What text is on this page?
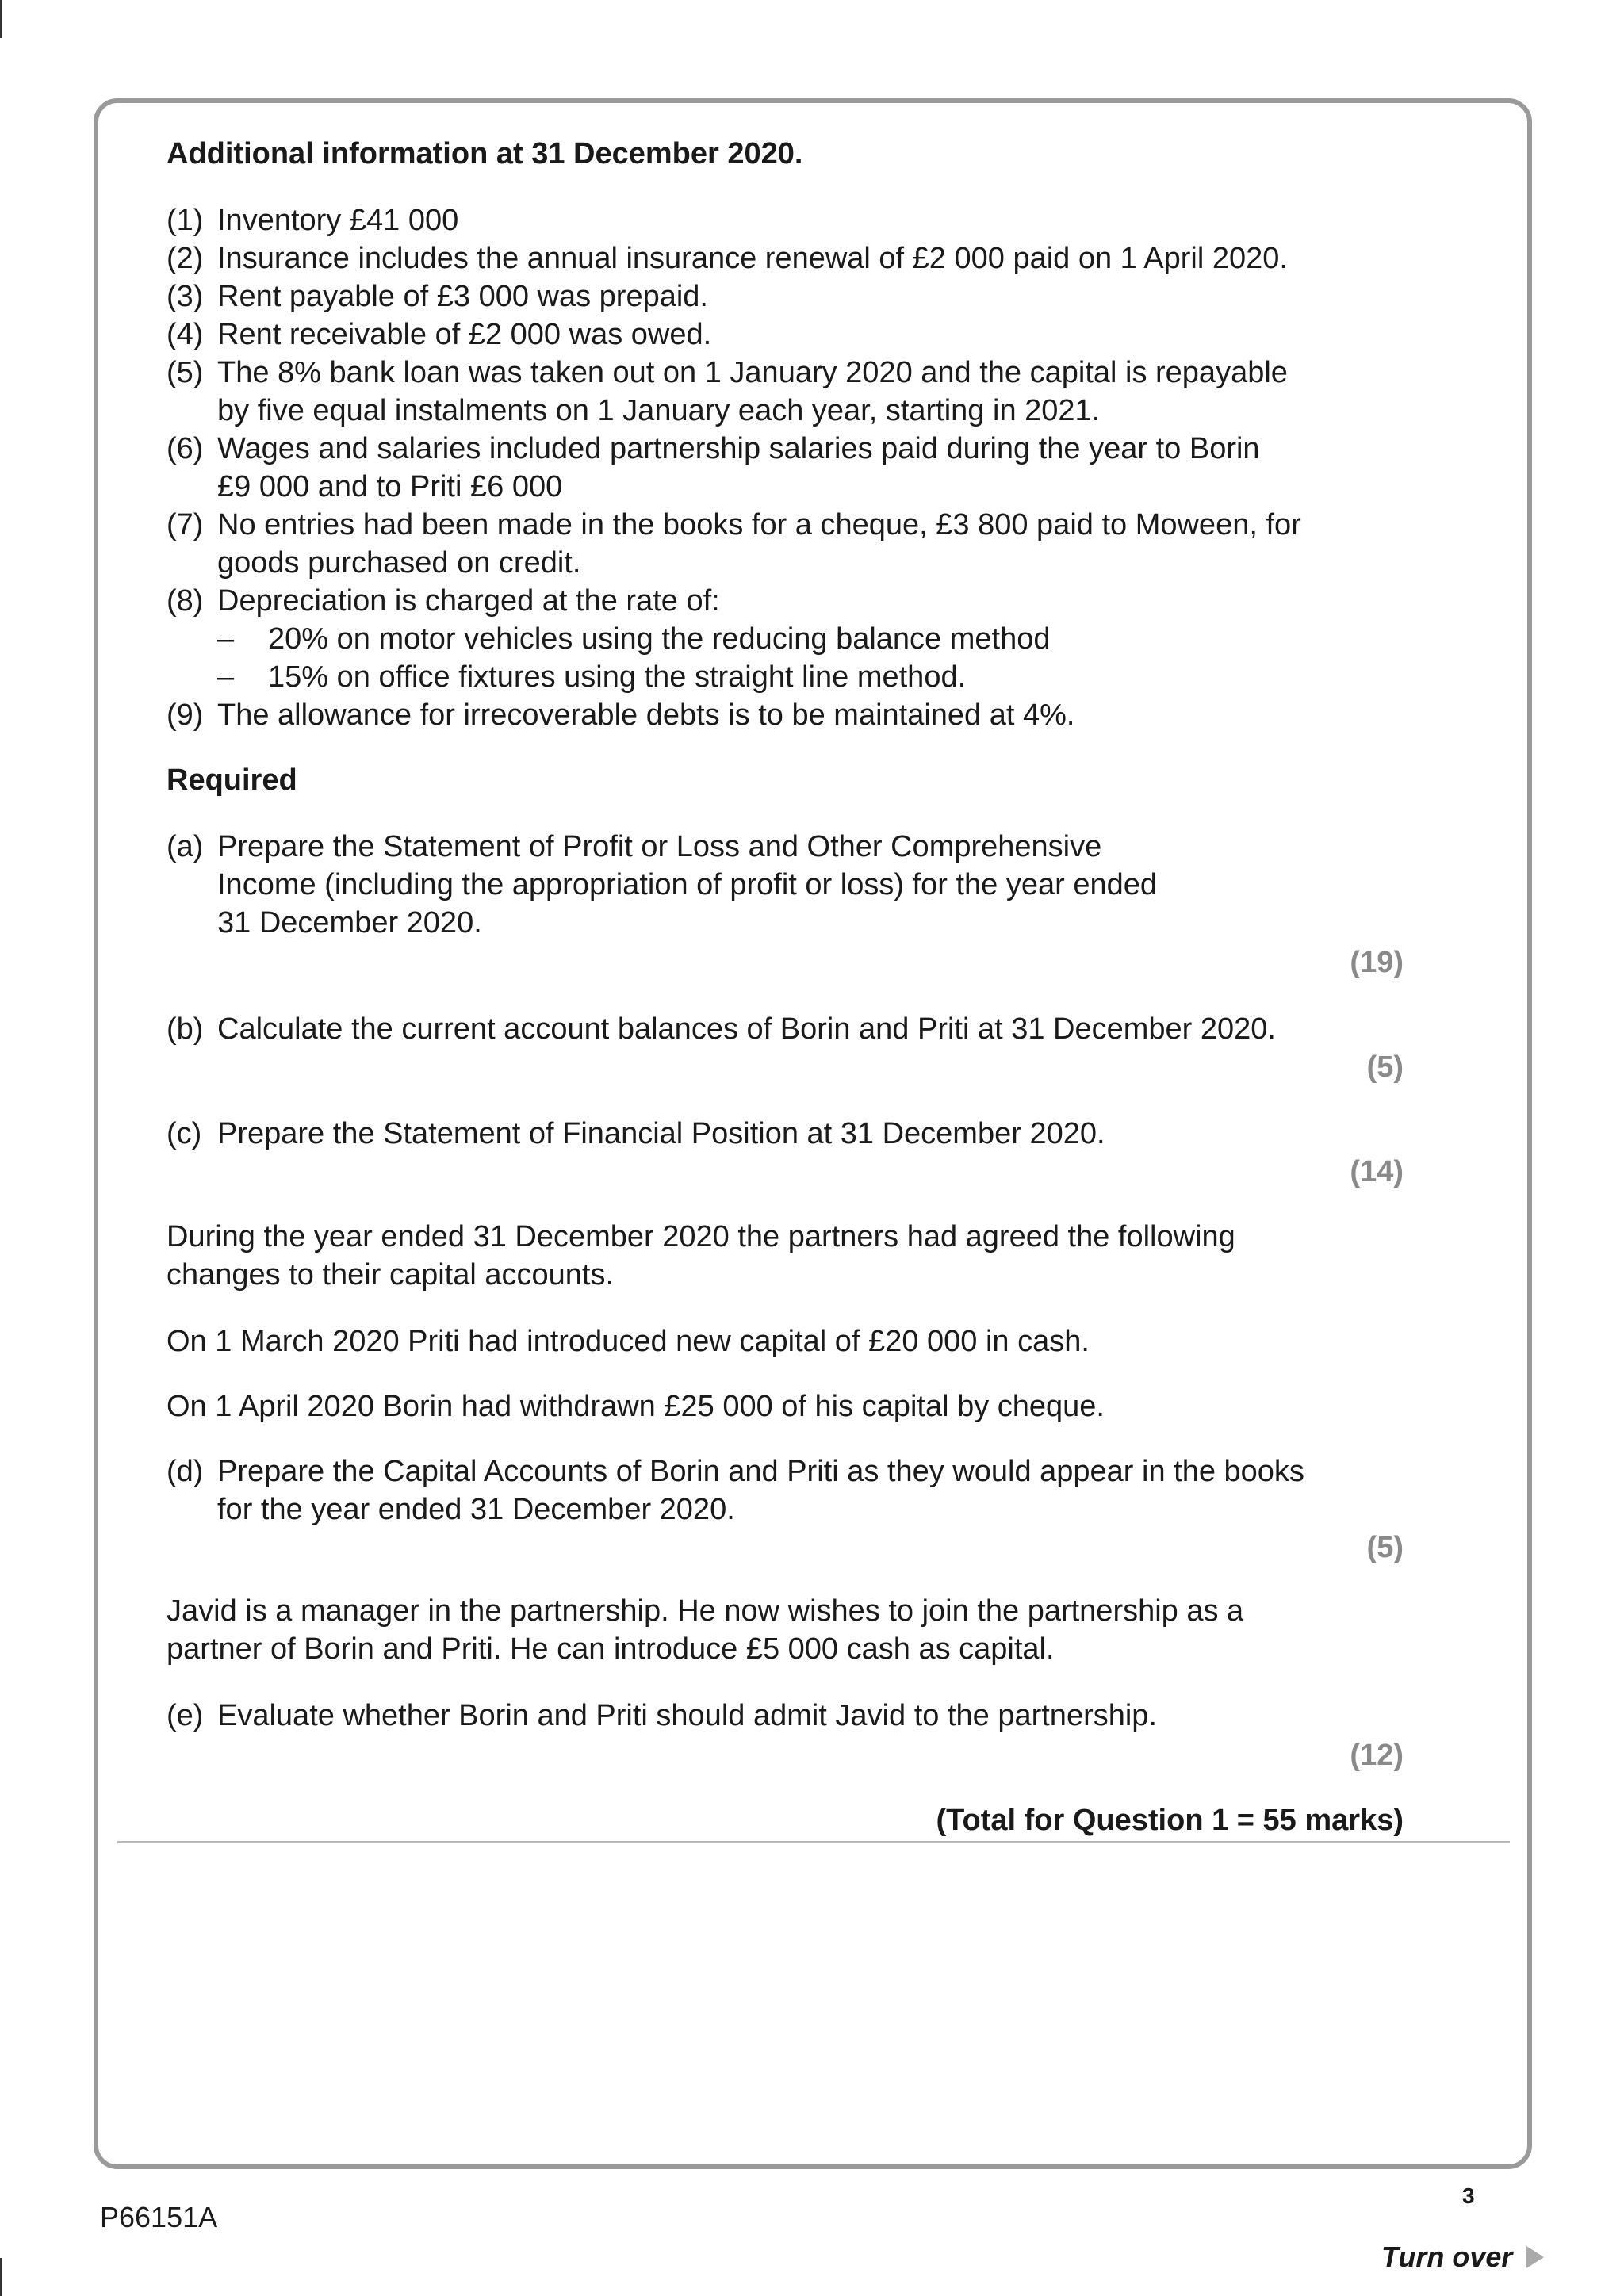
Additional information at 31 December 2020.
(1) Inventory £41 000
(2) Insurance includes the annual insurance renewal of £2 000 paid on 1 April 2020.
(3) Rent payable of £3 000 was prepaid.
(4) Rent receivable of £2 000 was owed.
(5) The 8% bank loan was taken out on 1 January 2020 and the capital is repayable
by five equal instalments on 1 January each year, starting in 2021.
(6) Wages and salaries included partnership salaries paid during the year to Borin
£9 000 and to Priti £6 000
(7) No entries had been made in the books for a cheque, £3 800 paid to Moween, for
goods purchased on credit.
(8) Depreciation is charged at the rate of:
– 20% on motor vehicles using the reducing balance method
– 15% on office fixtures using the straight line method.
(9) The allowance for irrecoverable debts is to be maintained at 4%.
Required
(a) Prepare the Statement of Profit or Loss and Other Comprehensive
Income (including the appropriation of profit or loss) for the year ended
31 December 2020.
(19)
(b) Calculate the current account balances of Borin and Priti at 31 December 2020.
(5)
(c) Prepare the Statement of Financial Position at 31 December 2020.
(14)
During the year ended 31 December 2020 the partners had agreed the following
changes to their capital accounts.
On 1 March 2020 Priti had introduced new capital of £20 000 in cash.
On 1 April 2020 Borin had withdrawn £25 000 of his capital by cheque.
(d) Prepare the Capital Accounts of Borin and Priti as they would appear in the books
for the year ended 31 December 2020.
(5)
Javid is a manager in the partnership. He now wishes to join the partnership as a
partner of Borin and Priti. He can introduce £5 000 cash as capital.
(e) Evaluate whether Borin and Priti should admit Javid to the partnership.
(12)
(Total for Question 1 = 55 marks)
P66151A
3
Turn over
